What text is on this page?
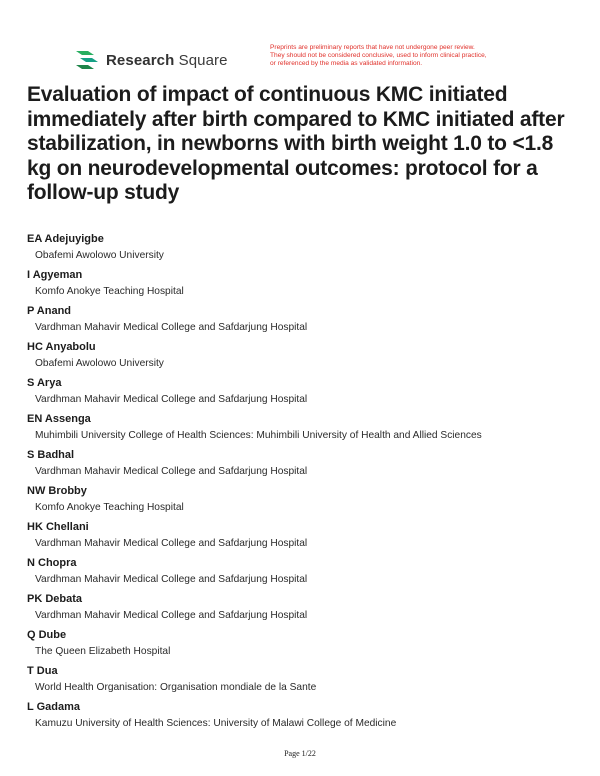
Research Square
Preprints are preliminary reports that have not undergone peer review.
They should not be considered conclusive, used to inform clinical practice,
or referenced by the media as validated information.
Evaluation of impact of continuous KMC initiated immediately after birth compared to KMC initiated after stabilization, in newborns with birth weight 1.0 to <1.8 kg on neurodevelopmental outcomes: protocol for a follow-up study
EA Adejuyigbe
Obafemi Awolowo University
I Agyeman
Komfo Anokye Teaching Hospital
P Anand
Vardhman Mahavir Medical College and Safdarjung Hospital
HC Anyabolu
Obafemi Awolowo University
S Arya
Vardhman Mahavir Medical College and Safdarjung Hospital
EN Assenga
Muhimbili University College of Health Sciences: Muhimbili University of Health and Allied Sciences
S Badhal
Vardhman Mahavir Medical College and Safdarjung Hospital
NW Brobby
Komfo Anokye Teaching Hospital
HK Chellani
Vardhman Mahavir Medical College and Safdarjung Hospital
N Chopra
Vardhman Mahavir Medical College and Safdarjung Hospital
PK Debata
Vardhman Mahavir Medical College and Safdarjung Hospital
Q Dube
The Queen Elizabeth Hospital
T Dua
World Health Organisation: Organisation mondiale de la Sante
L Gadama
Kamuzu University of Health Sciences: University of Malawi College of Medicine
Page 1/22
